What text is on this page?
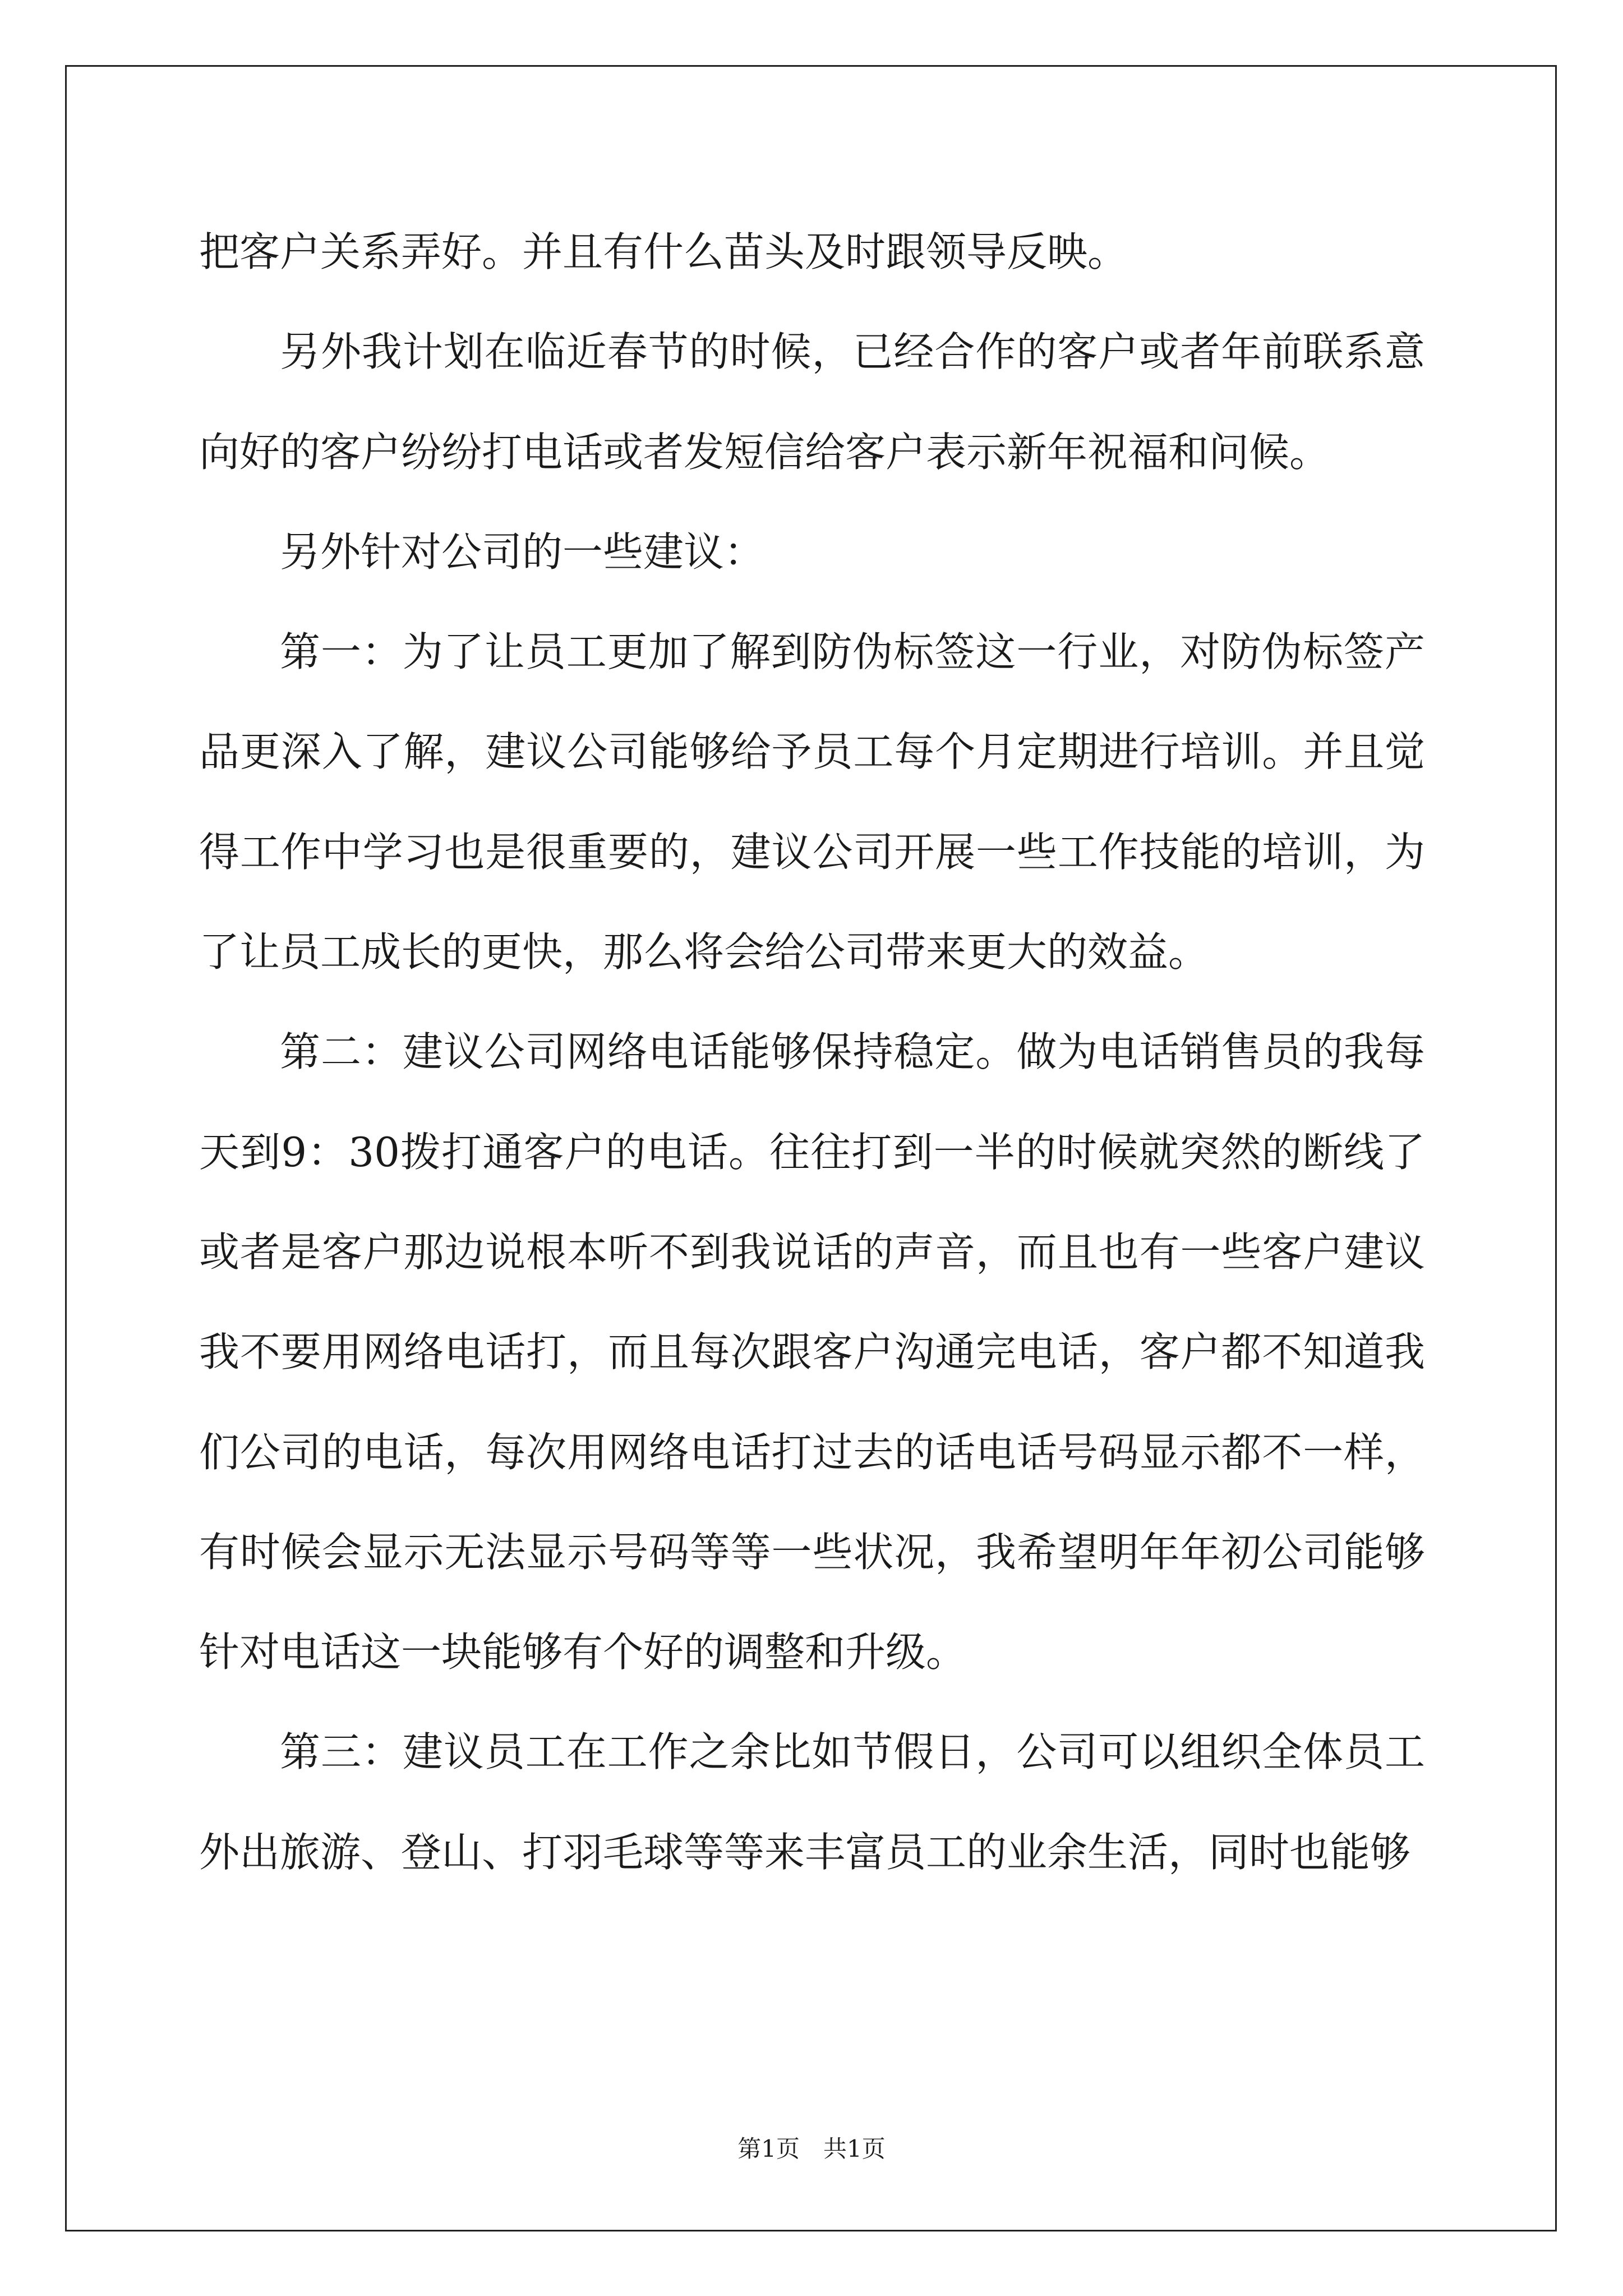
把客户关系弄好。并且有什么苗头及时跟领导反映。

另外我计划在临近春节的时候，已经合作的客户或者年前联系意向好的客户纷纷打电话或者发短信给客户表示新年祝福和问候。

另外针对公司的一些建议：

第一：为了让员工更加了解到防伪标签这一行业，对防伪标签产品更深入了解，建议公司能够给予员工每个月定期进行培训。并且觉得工作中学习也是很重要的，建议公司开展一些工作技能的培训，为了让员工成长的更快，那么将会给公司带来更大的效益。

第二：建议公司网络电话能够保持稳定。做为电话销售员的我每天到9：30拨打通客户的电话。往往打到一半的时候就突然的断线了或者是客户那边说根本听不到我说话的声音，而且也有一些客户建议我不要用网络电话打，而且每次跟客户沟通完电话，客户都不知道我们公司的电话，每次用网络电话打过去的话电话号码显示都不一样，有时候会显示无法显示号码等等一些状况，我希望明年年初公司能够针对电话这一块能够有个好的调整和升级。

第三：建议员工在工作之余比如节假日，公司可以组织全体员工外出旅游、登山、打羽毛球等等来丰富员工的业余生活，同时也能够

第1页　共1页
